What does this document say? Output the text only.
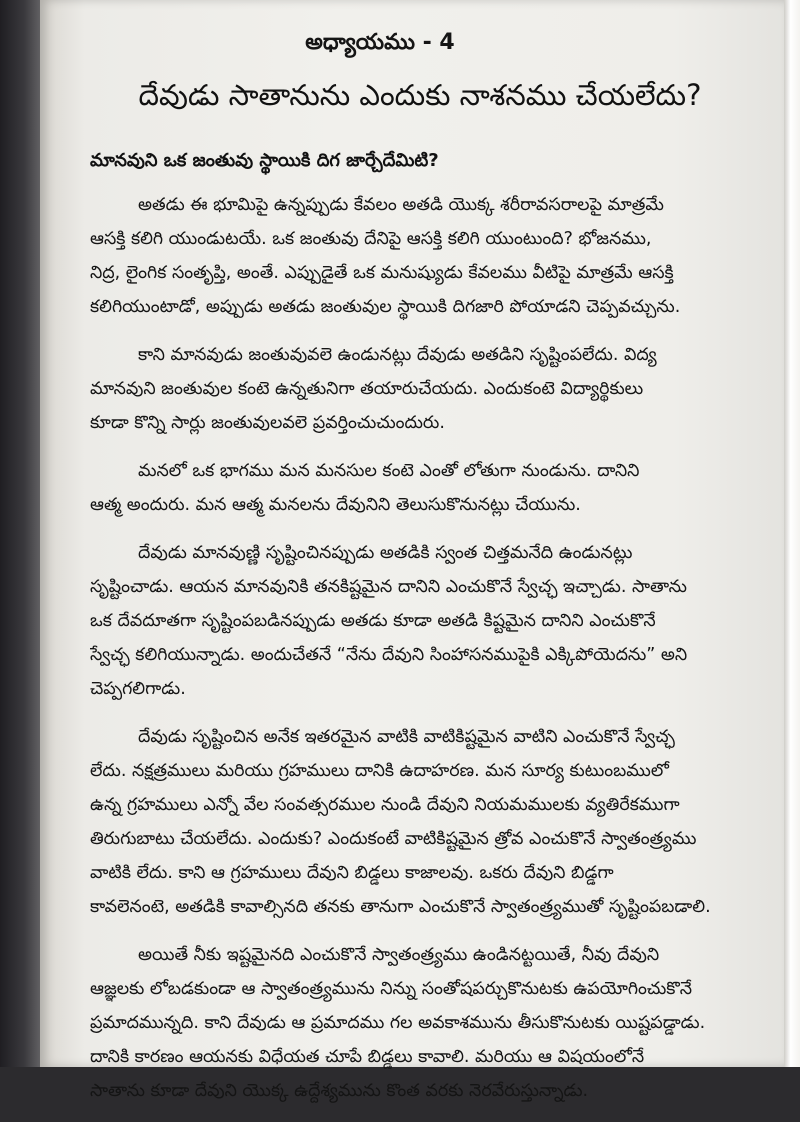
అధ్యాయము - 4
దేవుడు సాతానును ఎందుకు నాశనము చేయలేదు?
మానవుని ఒక జంతువు స్థాయికి దిగ జార్చేదేమిటి?
అతడు ఈ భూమిపై ఉన్నప్పుడు కేవలం అతడి యొక్క శరీరావసరాలపై మాత్రమే
ఆసక్తి కలిగి యుండుటయే. ఒక జంతువు దేనిపై ఆసక్తి కలిగి యుంటుంది? భోజనము,
నిద్ర, లైంగిక సంతృప్తి, అంతే. ఎప్పుడైతే ఒక మనుష్యుడు కేవలము వీటిపై మాత్రమే ఆసక్తి
కలిగియుంటాడో, అప్పుడు అతడు జంతువుల స్థాయికి దిగజారి పోయాడని చెప్పవచ్చును.
కాని మానవుడు జంతువువలె ఉండునట్లు దేవుడు అతడిని సృష్టింపలేదు. విద్య
మానవుని జంతువుల కంటె ఉన్నతునిగా తయారుచేయదు. ఎందుకంటె విద్యార్థికులు
కూడా కొన్ని సార్లు జంతువులవలె ప్రవర్తించుచుందురు.
మనలో ఒక భాగము మన మనసుల కంటె ఎంతో లోతుగా నుండును. దానిని
ఆత్మ అందురు. మన ఆత్మ మనలను దేవునిని తెలుసుకొనునట్లు చేయును.
దేవుడు మానవుణ్ణి సృష్టించినప్పుడు అతడికి స్వంత చిత్తమనేది ఉండునట్లు
సృష్టించాడు. ఆయన మానవునికి తనకిష్టమైన దానిని ఎంచుకొనే స్వేచ్ఛ ఇచ్చాడు. సాతాను
ఒక దేవదూతగా సృష్టింపబడినప్పుడు అతడు కూడా అతడి కిష్టమైన దానిని ఎంచుకొనే
స్వేచ్ఛ కలిగియున్నాడు. అందుచేతనే “నేను దేవుని సింహాసనముపైకి ఎక్కిపోయెదను” అని
చెప్పగలిగాడు.
దేవుడు సృష్టించిన అనేక ఇతరమైన వాటికి వాటికిష్టమైన వాటిని ఎంచుకొనే స్వేచ్ఛ
లేదు. నక్షత్రములు మరియు గ్రహములు దానికి ఉదాహరణ. మన సూర్య కుటుంబములో
ఉన్న గ్రహములు ఎన్నో వేల సంవత్సరముల నుండి దేవుని నియమములకు వ్యతిరేకముగా
తిరుగుబాటు చేయలేదు. ఎందుకు? ఎందుకంటే వాటికిష్టమైన త్రోవ ఎంచుకొనే స్వాతంత్ర్యము
వాటికి లేదు. కాని ఆ గ్రహములు దేవుని బిడ్డలు కాజాలవు. ఒకరు దేవుని బిడ్డగా
కావలెనంటె, అతడికి కావాల్సినది తనకు తానుగా ఎంచుకొనే స్వాతంత్ర్యముతో సృష్టింపబడాలి.
అయితే నీకు ఇష్టమైనది ఎంచుకొనే స్వాతంత్ర్యము ఉండినట్టయితే, నీవు దేవుని
ఆజ్ఞలకు లోబడకుండా ఆ స్వాతంత్ర్యమును నిన్ను సంతోషపర్చుకొనుటకు ఉపయోగించుకొనే
ప్రమాదమున్నది. కాని దేవుడు ఆ ప్రమాదము గల అవకాశమును తీసుకొనుటకు యిష్టపడ్డాడు.
దానికి కారణం ఆయనకు విధేయత చూపే బిడ్డలు కావాలి. మరియు ఆ విషయంలోనే
సాతాను కూడా దేవుని యొక్క ఉద్దేశ్యమును కొంత వరకు నెరవేరుస్తున్నాడు.
